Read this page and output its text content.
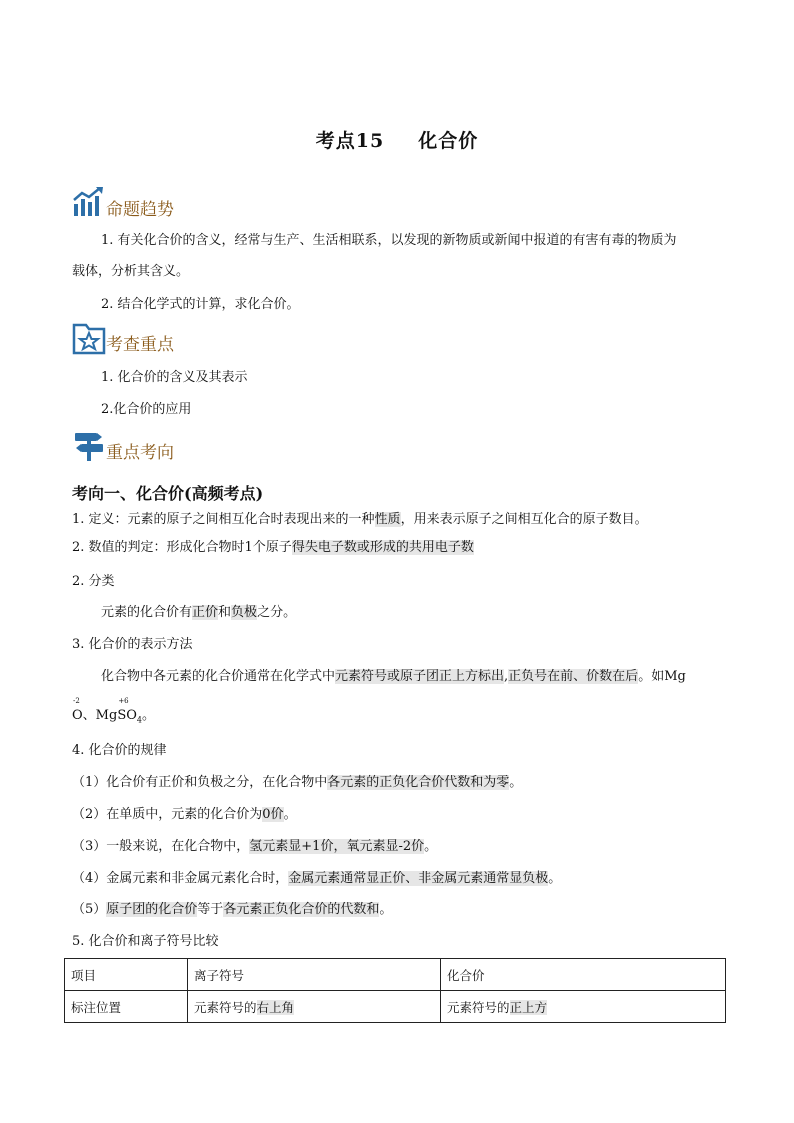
考点15 化合价
命题趋势
1. 有关化合价的含义，经常与生产、生活相联系，以发现的新物质或新闻中报道的有害有毒的物质为
载体，分析其含义。
2. 结合化学式的计算，求化合价。
考查重点
1. 化合价的含义及其表示
2.化合价的应用
重点考向
考向一、化合价(高频考点)
1. 定义：元素的原子之间相互化合时表现出来的一种性质，用来表示原子之间相互化合的原子数目。
2. 数值的判定：形成化合物时1个原子得失电子数或形成的共用电子数
2. 分类
元素的化合价有正价和负极之分。
3. 化合价的表示方法
化合物中各元素的化合价通常在化学式中元素符号或原子团正上方标出,正负号在前、价数在后。如Mg
-2
O、Mg
+6
$SO_4$。
4. 化合价的规律
（1）化合价有正价和负极之分，在化合物中各元素的正负化合价代数和为零。
（2）在单质中，元素的化合价为0价。
（3）一般来说，在化合物中，氢元素显+1价，氧元素显-2价。
（4）金属元素和非金属元素化合时，金属元素通常显正价、非金属元素通常显负极。
（5）原子团的化合价等于各元素正负化合价的代数和。
5. 化合价和离子符号比较
项目	离子符号	化合价
标注位置	元素符号的右上角	元素符号的正上方
